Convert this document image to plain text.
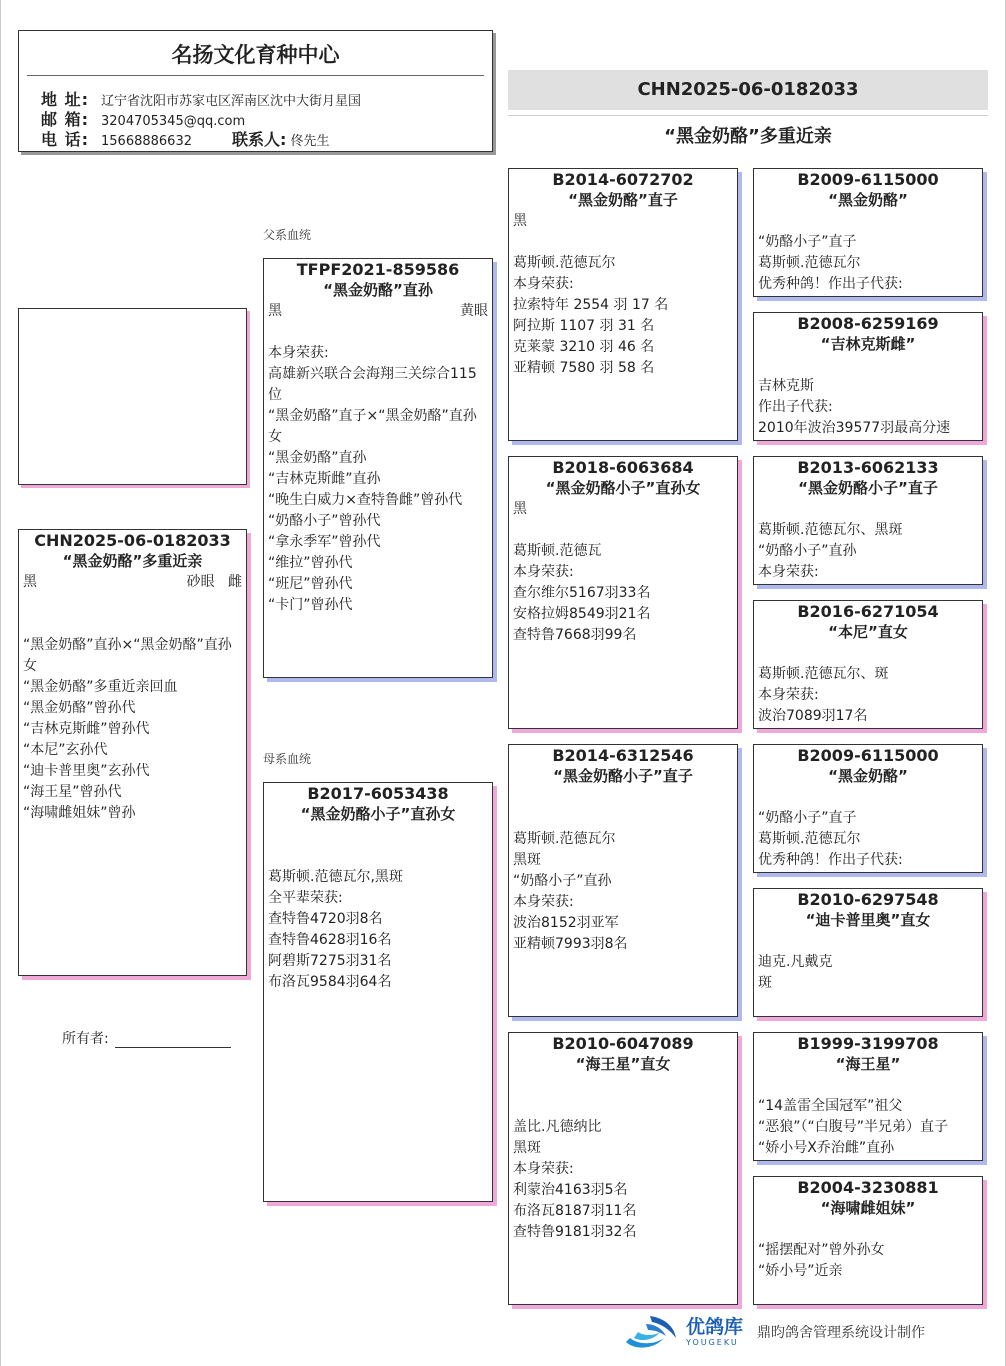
名扬文化育种中心
地 址: 辽宁省沈阳市苏家屯区浑南区沈中大街月星国
邮 箱: 3204705345@qq.com
电 话: 15668886632	联系人: 佟先生
CHN2025-06-0182033
“黑金奶酪”多重近亲
CHN2025-06-0182033
“黑金奶酪”多重近亲
黑	砂眼 雌
“黑金奶酪”直孙×“黑金奶酪”直孙女
“黑金奶酪”多重近亲回血
“黑金奶酪”曾孙代
“吉林克斯雌”曾孙代
“本尼”玄孙代
“迪卡普里奥”玄孙代
“海王星”曾孙代
“海啸雌姐妹”曾孙
所有者:
父系血统
母系血统
TFPF2021-859586
“黑金奶酪”直孙
黑	黄眼
本身荣获:
高雄新兴联合会海翔三关综合115位
“黑金奶酪”直子×“黑金奶酪”直孙女
“黑金奶酪”直孙
“吉林克斯雌”直孙
“晚生白威力×查特鲁雌”曾孙代
“奶酪小子”曾孙代
“拿永季军”曾孙代
“维拉”曾孙代
“班尼”曾孙代
“卡门”曾孙代
B2017-6053438
“黑金奶酪小子”直孙女
葛斯顿.范德瓦尔,黑斑
全平辈荣获:
查特鲁4720羽8名
查特鲁4628羽16名
阿碧斯7275羽31名
布洛瓦9584羽64名
B2014-6072702
“黑金奶酪”直子
黑
葛斯顿.范德瓦尔
本身荣获:
拉索特年 2554 羽 17 名
阿拉斯 1107 羽 31 名
克莱蒙 3210 羽 46 名
亚精顿 7580 羽 58 名
B2018-6063684
“黑金奶酪小子”直孙女
黑
葛斯顿.范德瓦
本身荣获:
查尔维尔5167羽33名
安格拉姆8549羽21名
查特鲁7668羽99名
B2014-6312546
“黑金奶酪小子”直子
葛斯顿.范德瓦尔
黑斑
“奶酪小子”直孙
本身荣获:
波治8152羽亚军
亚精顿7993羽8名
B2010-6047089
“海王星”直女
盖比.凡德纳比
黑斑
本身荣获:
利蒙治4163羽5名
布洛瓦8187羽11名
查特鲁9181羽32名
B2009-6115000
“黑金奶酪”
“奶酪小子”直子
葛斯顿.范德瓦尔
优秀种鸽！作出子代获:
B2008-6259169
“吉林克斯雌”
吉林克斯
作出子代获:
2010年波治39577羽最高分速
B2013-6062133
“黑金奶酪小子”直子
葛斯顿.范德瓦尔、黑斑
“奶酪小子”直孙
本身荣获:
B2016-6271054
“本尼”直女
葛斯顿.范德瓦尔、斑
本身荣获:
波治7089羽17名
B2009-6115000
“黑金奶酪”
“奶酪小子”直子
葛斯顿.范德瓦尔
优秀种鸽！作出子代获:
B2010-6297548
“迪卡普里奥”直女
迪克.凡戴克
斑
B1999-3199708
“海王星”
“14盖雷全国冠军”祖父
“恶狼”（“白腹号”半兄弟）直子
“娇小号X乔治雌”直孙
B2004-3230881
“海啸雌姐妹”
“摇摆配对”曾外孙女
“娇小号”近亲
优鸽库
YOUGEKU
鼎昀鸽舍管理系统设计制作
